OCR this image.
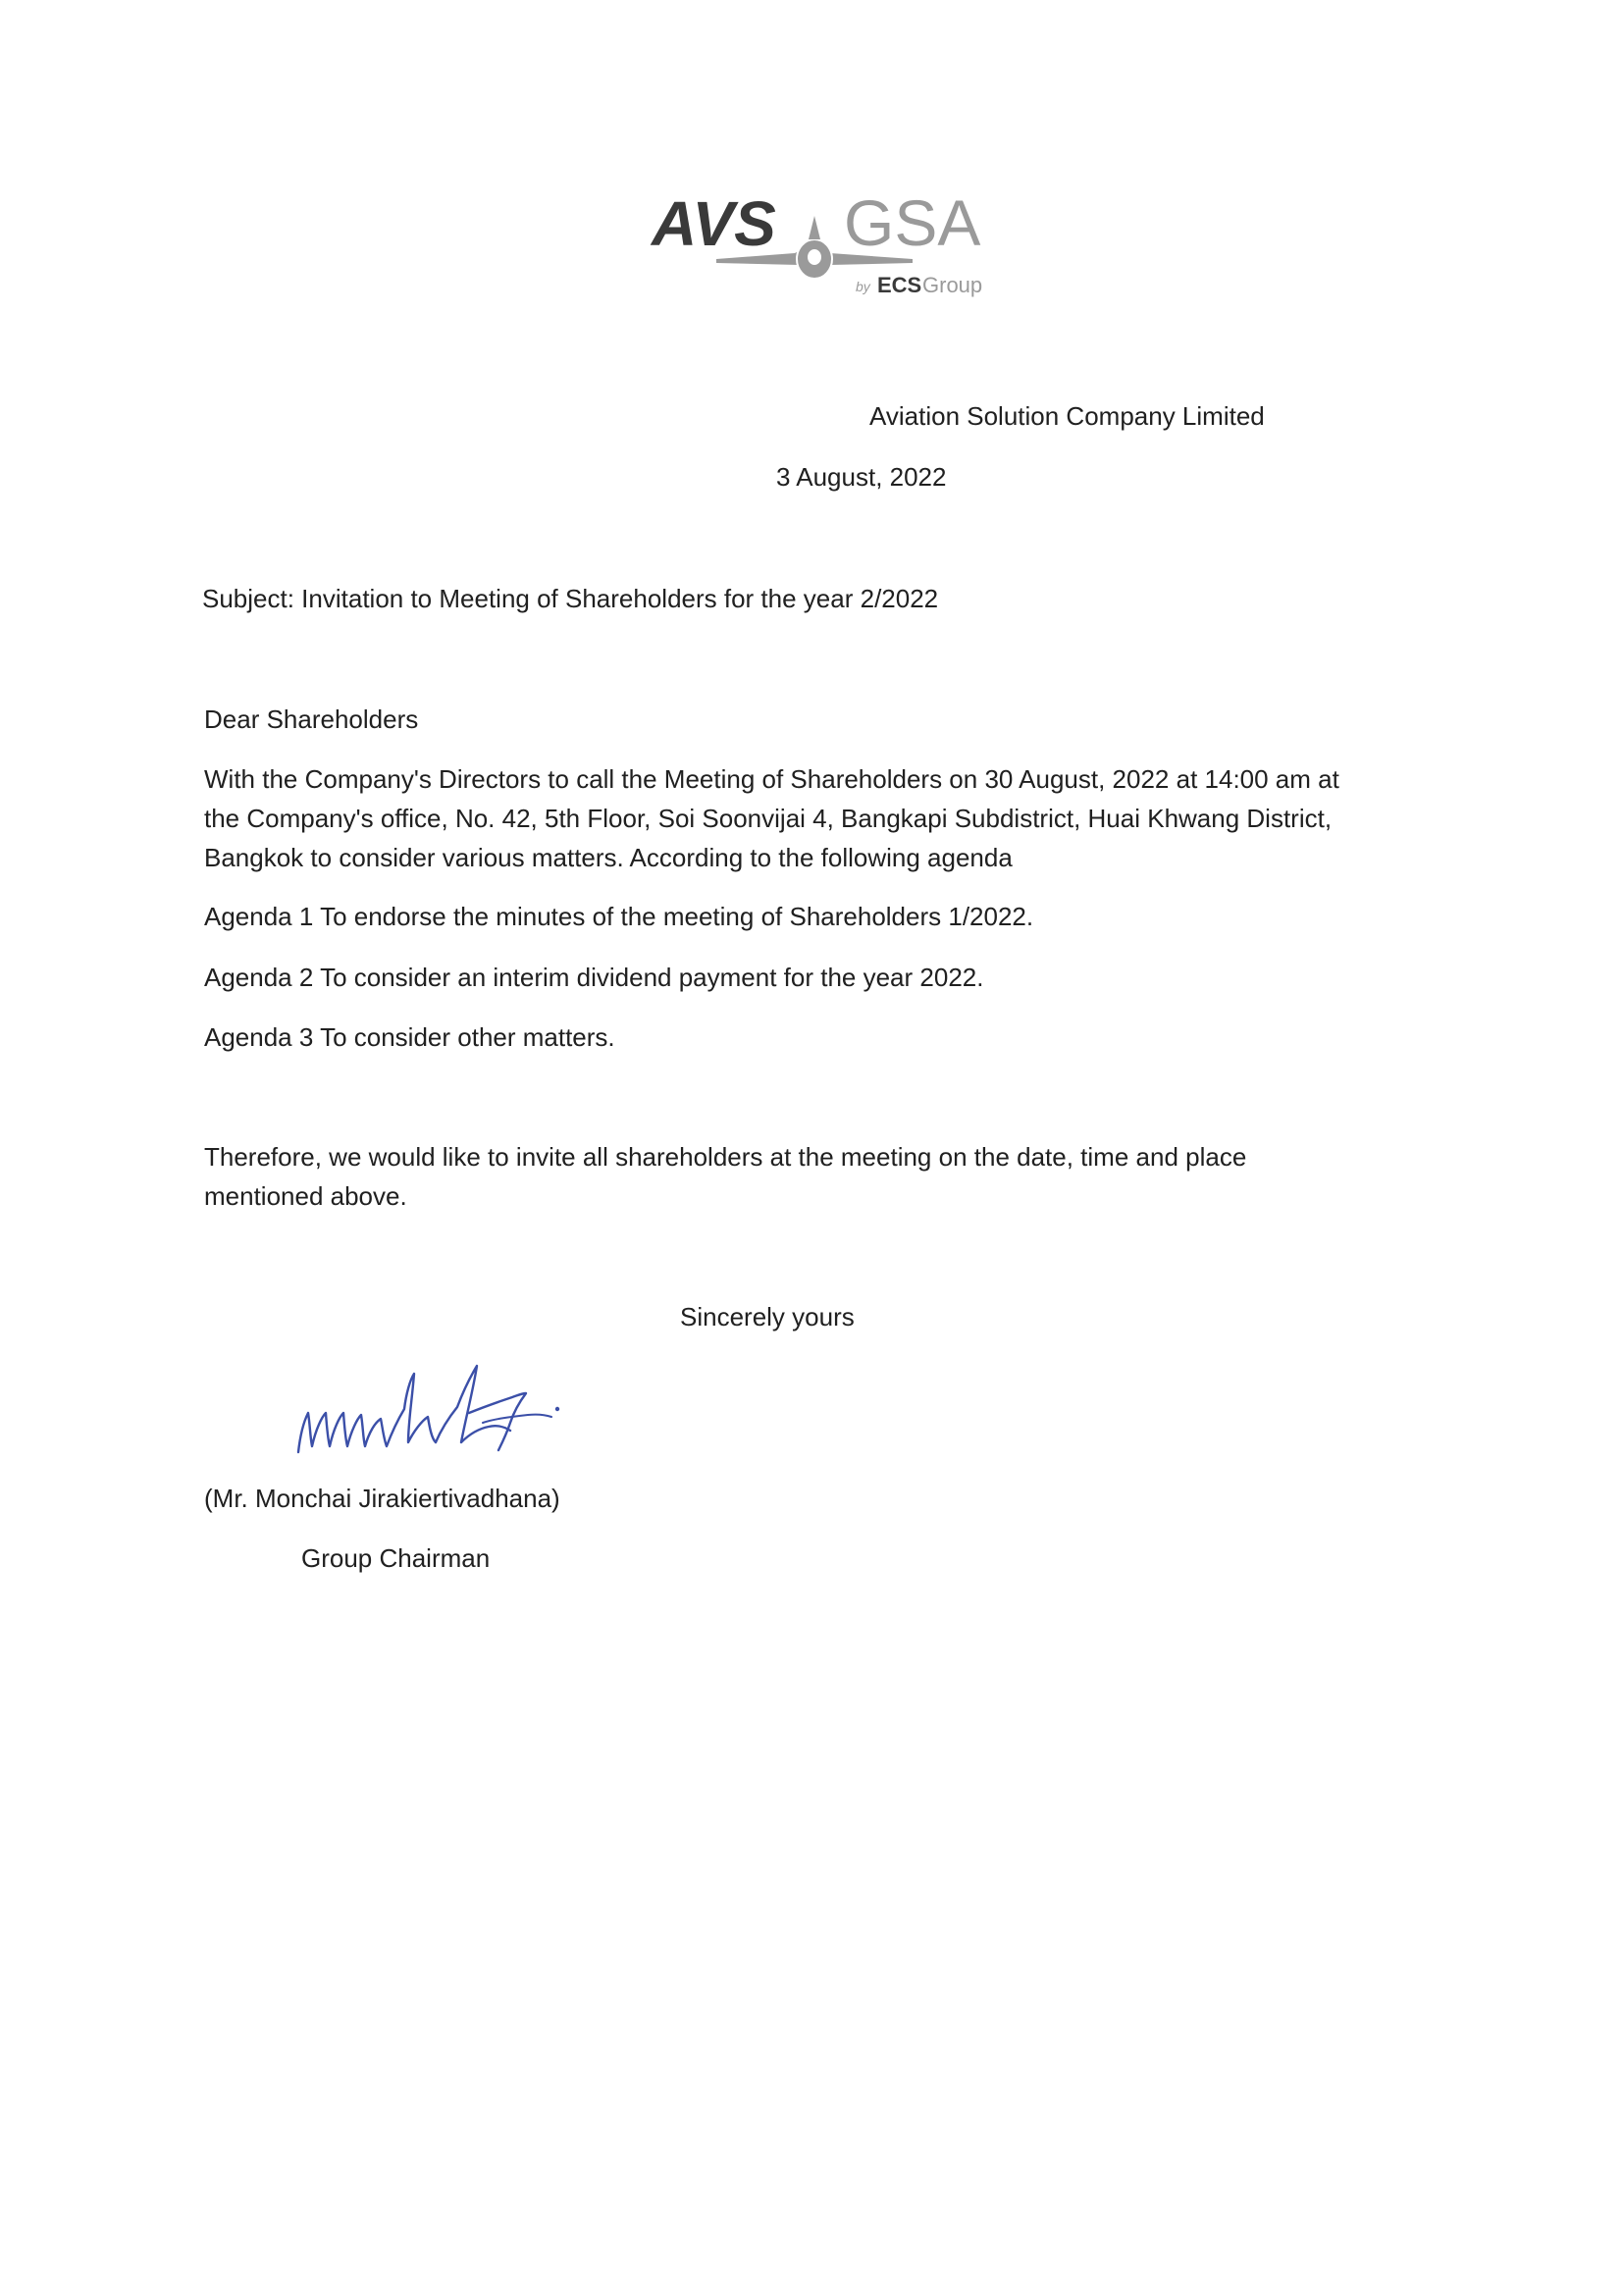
AVS GSA
by ECS Group
Aviation Solution Company Limited
3 August, 2022
Subject: Invitation to Meeting of Shareholders for the year 2/2022
Dear Shareholders
With the Company's Directors to call the Meeting of Shareholders on 30 August, 2022 at 14:00 am at
the Company's office, No. 42, 5th Floor, Soi Soonvijai 4, Bangkapi Subdistrict, Huai Khwang District,
Bangkok to consider various matters. According to the following agenda
Agenda 1 To endorse the minutes of the meeting of Shareholders 1/2022.
Agenda 2 To consider an interim dividend payment for the year 2022.
Agenda 3 To consider other matters.
Therefore, we would like to invite all shareholders at the meeting on the date, time and place
mentioned above.
Sincerely yours
(Mr. Monchai Jirakiertivadhana)
Group Chairman
